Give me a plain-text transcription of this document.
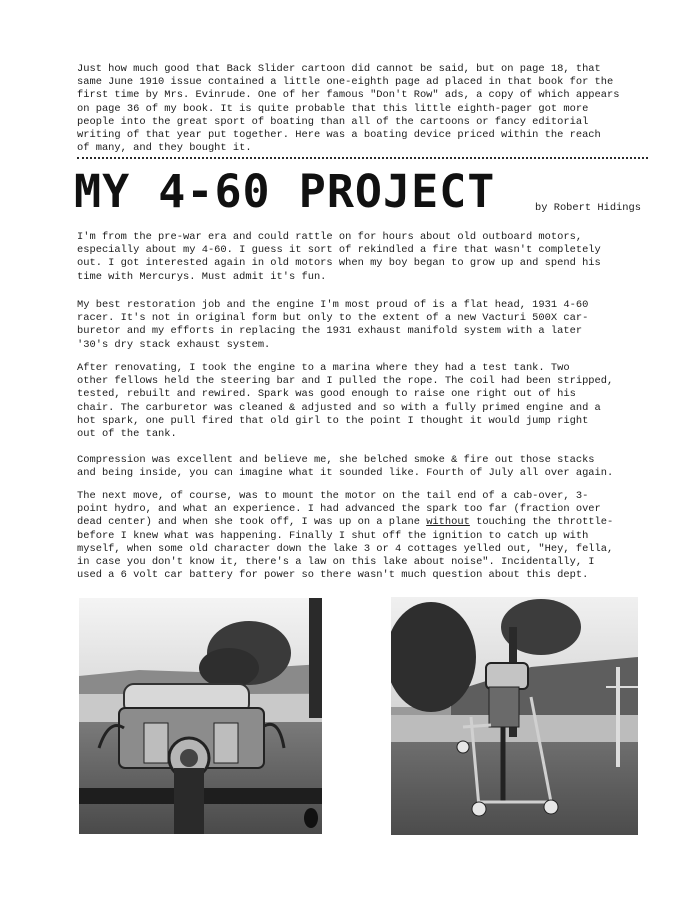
Just how much good that Back Slider cartoon did cannot be said, but on page 18, that
same June 1910 issue contained a little one-eighth page ad placed in that book for the
first time by Mrs. Evinrude. One of her famous "Don't Row" ads, a copy of which appears
on page 36 of my book. It is quite probable that this little eighth-pager got more
people into the great sport of boating than all of the cartoons or fancy editorial
writing of that year put together. Here was a boating device priced within the reach
of many, and they bought it.

MY 4-60 PROJECT	by Robert Hidings

I'm from the pre-war era and could rattle on for hours about old outboard motors,
especially about my 4-60. I guess it sort of rekindled a fire that wasn't completely
out. I got interested again in old motors when my boy began to grow up and spend his
time with Mercurys. Must admit it's fun.

My best restoration job and the engine I'm most proud of is a flat head, 1931 4-60
racer. It's not in original form but only to the extent of a new Vacturi 500X car-
buretor and my efforts in replacing the 1931 exhaust manifold system with a later
'30's dry stack exhaust system.

After renovating, I took the engine to a marina where they had a test tank. Two
other fellows held the steering bar and I pulled the rope. The coil had been stripped,
tested, rebuilt and rewired. Spark was good enough to raise one right out of his
chair. The carburetor was cleaned & adjusted and so with a fully primed engine and a
hot spark, one pull fired that old girl to the point I thought it would jump right
out of the tank.

Compression was excellent and believe me, she belched smoke & fire out those stacks
and being inside, you can imagine what it sounded like. Fourth of July all over again.

The next move, of course, was to mount the motor on the tail end of a cab-over, 3-
point hydro, and what an experience. I had advanced the spark too far (fraction over
dead center) and when she took off, I was up on a plane without touching the throttle-
before I knew what was happening. Finally I shut off the ignition to catch up with
myself, when some old character down the lake 3 or 4 cottages yelled out, "Hey, fella,
in case you don't know it, there's a law on this lake about noise". Incidentally, I
used a 6 volt car battery for power so there wasn't much question about this dept.
